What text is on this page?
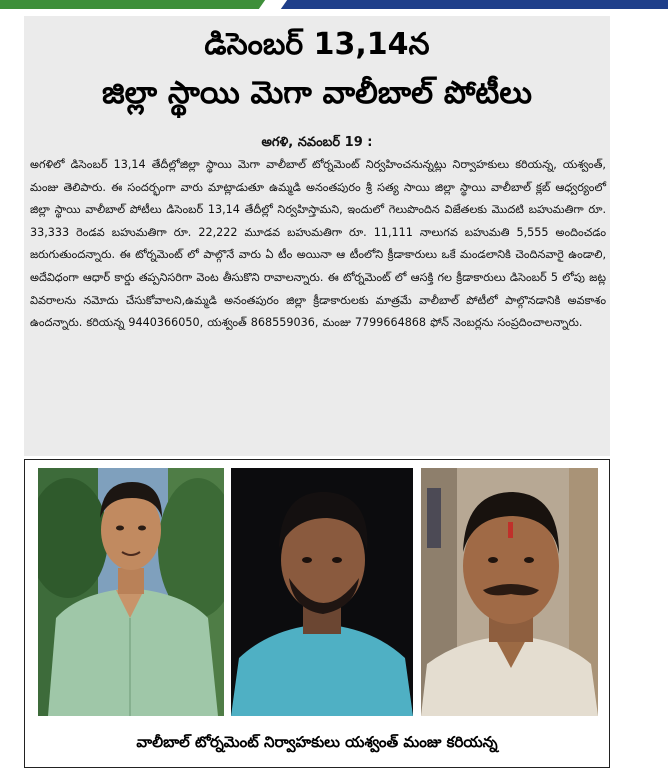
డిసెంబర్ 13,14న
జిల్లా స్థాయి మెగా వాలీబాల్ పోటీలు
అగళి, నవంబర్ 19 :
అగళిలో డిసెంబర్ 13,14 తేదీల్లోజిల్లా స్థాయి మెగా వాలీబాల్ టోర్నమెంట్ నిర్వహించనున్నట్లు నిర్వాహకులు కరియన్న, యశ్వంత్, మంజు తెలిపారు. ఈ సందర్భంగా వారు మాట్లాడుతూ ఉమ్మడి అనంతపురం శ్రీ సత్య సాయి జిల్లా స్థాయి వాలీబాల్ క్లబ్ ఆధ్వర్యంలో జిల్లా స్థాయి వాలీబాల్ పోటీలు డిసెంబర్ 13,14 తేదీల్లో నిర్వహిస్తామని, ఇందులో గెలుపొందిన విజేతలకు మొదటి బహుమతిగా రూ. 33,333 రెండవ బహుమతిగా రూ. 22,222 మూడవ బహుమతిగా రూ. 11,111 నాలుగవ బహుమతి 5,555 అందించడం జరుగుతుందన్నారు. ఈ టోర్నమెంట్ లో పాల్గొనే వారు ఏ టీం అయినా ఆ టీంలోని క్రీడాకారులు ఒకే మండలానికి చెందినవారై ఉండాలి, అదేవిధంగా ఆధార్ కార్డు తప్పనిసరిగా వెంట తీసుకొని రావాలన్నారు. ఈ టోర్నమెంట్ లో ఆసక్తి గల క్రీడాకారులు డిసెంబర్ 5 లోపు జట్ల వివరాలను నమోదు చేసుకోవాలని,ఉమ్మడి అనంతపురం జిల్లా క్రీడాకారులకు మాత్రమే వాలీబాల్ పోటీలో పాల్గొనడానికి అవకాశం ఉందన్నారు. కరియన్న 9440366050, యశ్వంత్ 868559036, మంజు 7799664868 ఫోన్ నెంబర్లను సంప్రదించాలన్నారు.
వాలీబాల్ టోర్నమెంట్ నిర్వాహకులు యశ్వంత్ మంజు కరియన్న
